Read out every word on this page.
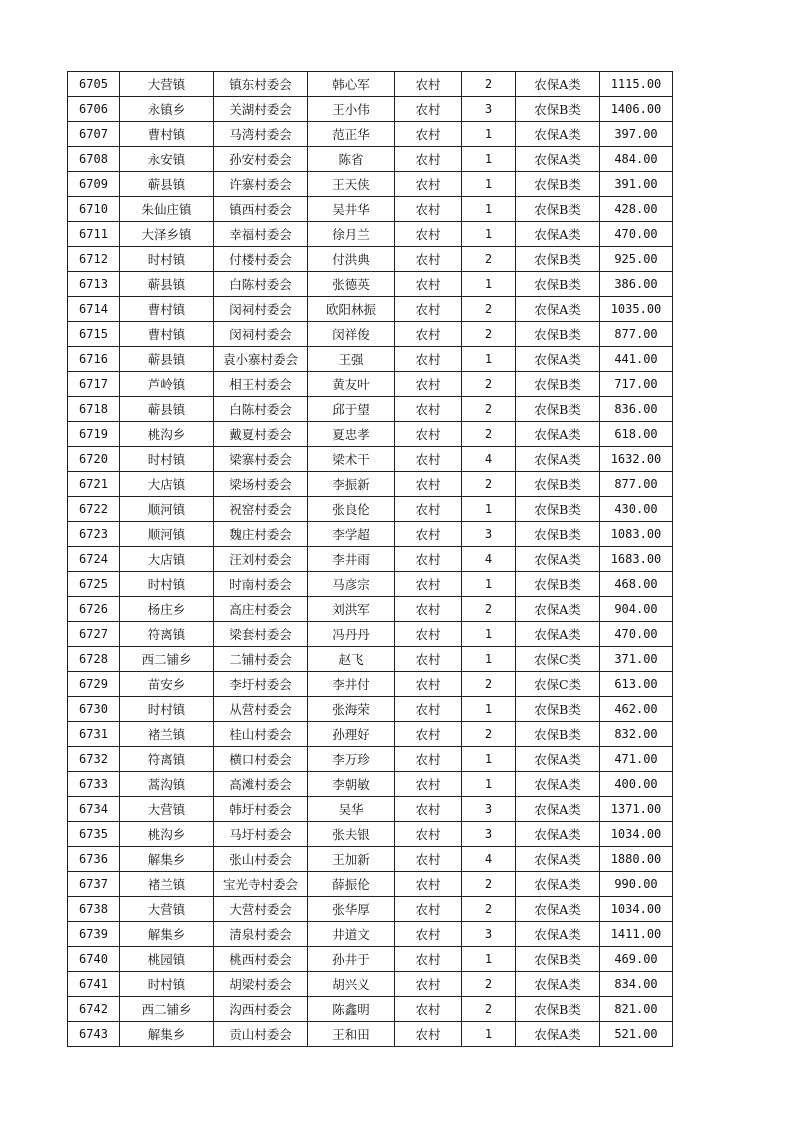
6705	大营镇	镇东村委会	韩心军	农村	2	农保A类	1115.00
6706	永镇乡	关湖村委会	王小伟	农村	3	农保B类	1406.00
6707	曹村镇	马湾村委会	范正华	农村	1	农保A类	397.00
6708	永安镇	孙安村委会	陈省	农村	1	农保A类	484.00
6709	蕲县镇	许寨村委会	王天侠	农村	1	农保B类	391.00
6710	朱仙庄镇	镇西村委会	吴井华	农村	1	农保B类	428.00
6711	大泽乡镇	幸福村委会	徐月兰	农村	1	农保A类	470.00
6712	时村镇	付楼村委会	付洪典	农村	2	农保B类	925.00
6713	蕲县镇	白陈村委会	张德英	农村	1	农保B类	386.00
6714	曹村镇	闵祠村委会	欧阳林振	农村	2	农保A类	1035.00
6715	曹村镇	闵祠村委会	闵祥俊	农村	2	农保B类	877.00
6716	蕲县镇	袁小寨村委会	王强	农村	1	农保A类	441.00
6717	芦岭镇	相王村委会	黄友叶	农村	2	农保B类	717.00
6718	蕲县镇	白陈村委会	邱于望	农村	2	农保B类	836.00
6719	桃沟乡	戴夏村委会	夏忠孝	农村	2	农保A类	618.00
6720	时村镇	梁寨村委会	梁术干	农村	4	农保A类	1632.00
6721	大店镇	梁场村委会	李振新	农村	2	农保B类	877.00
6722	顺河镇	祝窑村委会	张良伦	农村	1	农保B类	430.00
6723	顺河镇	魏庄村委会	李学超	农村	3	农保B类	1083.00
6724	大店镇	汪刘村委会	李井雨	农村	4	农保A类	1683.00
6725	时村镇	时南村委会	马彦宗	农村	1	农保B类	468.00
6726	杨庄乡	高庄村委会	刘洪军	农村	2	农保A类	904.00
6727	符离镇	梁套村委会	冯丹丹	农村	1	农保A类	470.00
6728	西二铺乡	二铺村委会	赵飞	农村	1	农保C类	371.00
6729	苗安乡	李圩村委会	李井付	农村	2	农保C类	613.00
6730	时村镇	从营村委会	张海荣	农村	1	农保B类	462.00
6731	褚兰镇	桂山村委会	孙理好	农村	2	农保B类	832.00
6732	符离镇	横口村委会	李万珍	农村	1	农保A类	471.00
6733	蒿沟镇	高滩村委会	李朝敏	农村	1	农保A类	400.00
6734	大营镇	韩圩村委会	吴华	农村	3	农保A类	1371.00
6735	桃沟乡	马圩村委会	张夫银	农村	3	农保A类	1034.00
6736	解集乡	张山村委会	王加新	农村	4	农保A类	1880.00
6737	褚兰镇	宝光寺村委会	薛振伦	农村	2	农保A类	990.00
6738	大营镇	大营村委会	张华厚	农村	2	农保A类	1034.00
6739	解集乡	清泉村委会	井道文	农村	3	农保A类	1411.00
6740	桃园镇	桃西村委会	孙井于	农村	1	农保B类	469.00
6741	时村镇	胡梁村委会	胡兴义	农村	2	农保A类	834.00
6742	西二铺乡	沟西村委会	陈鑫明	农村	2	农保B类	821.00
6743	解集乡	贡山村委会	王和田	农村	1	农保A类	521.00
